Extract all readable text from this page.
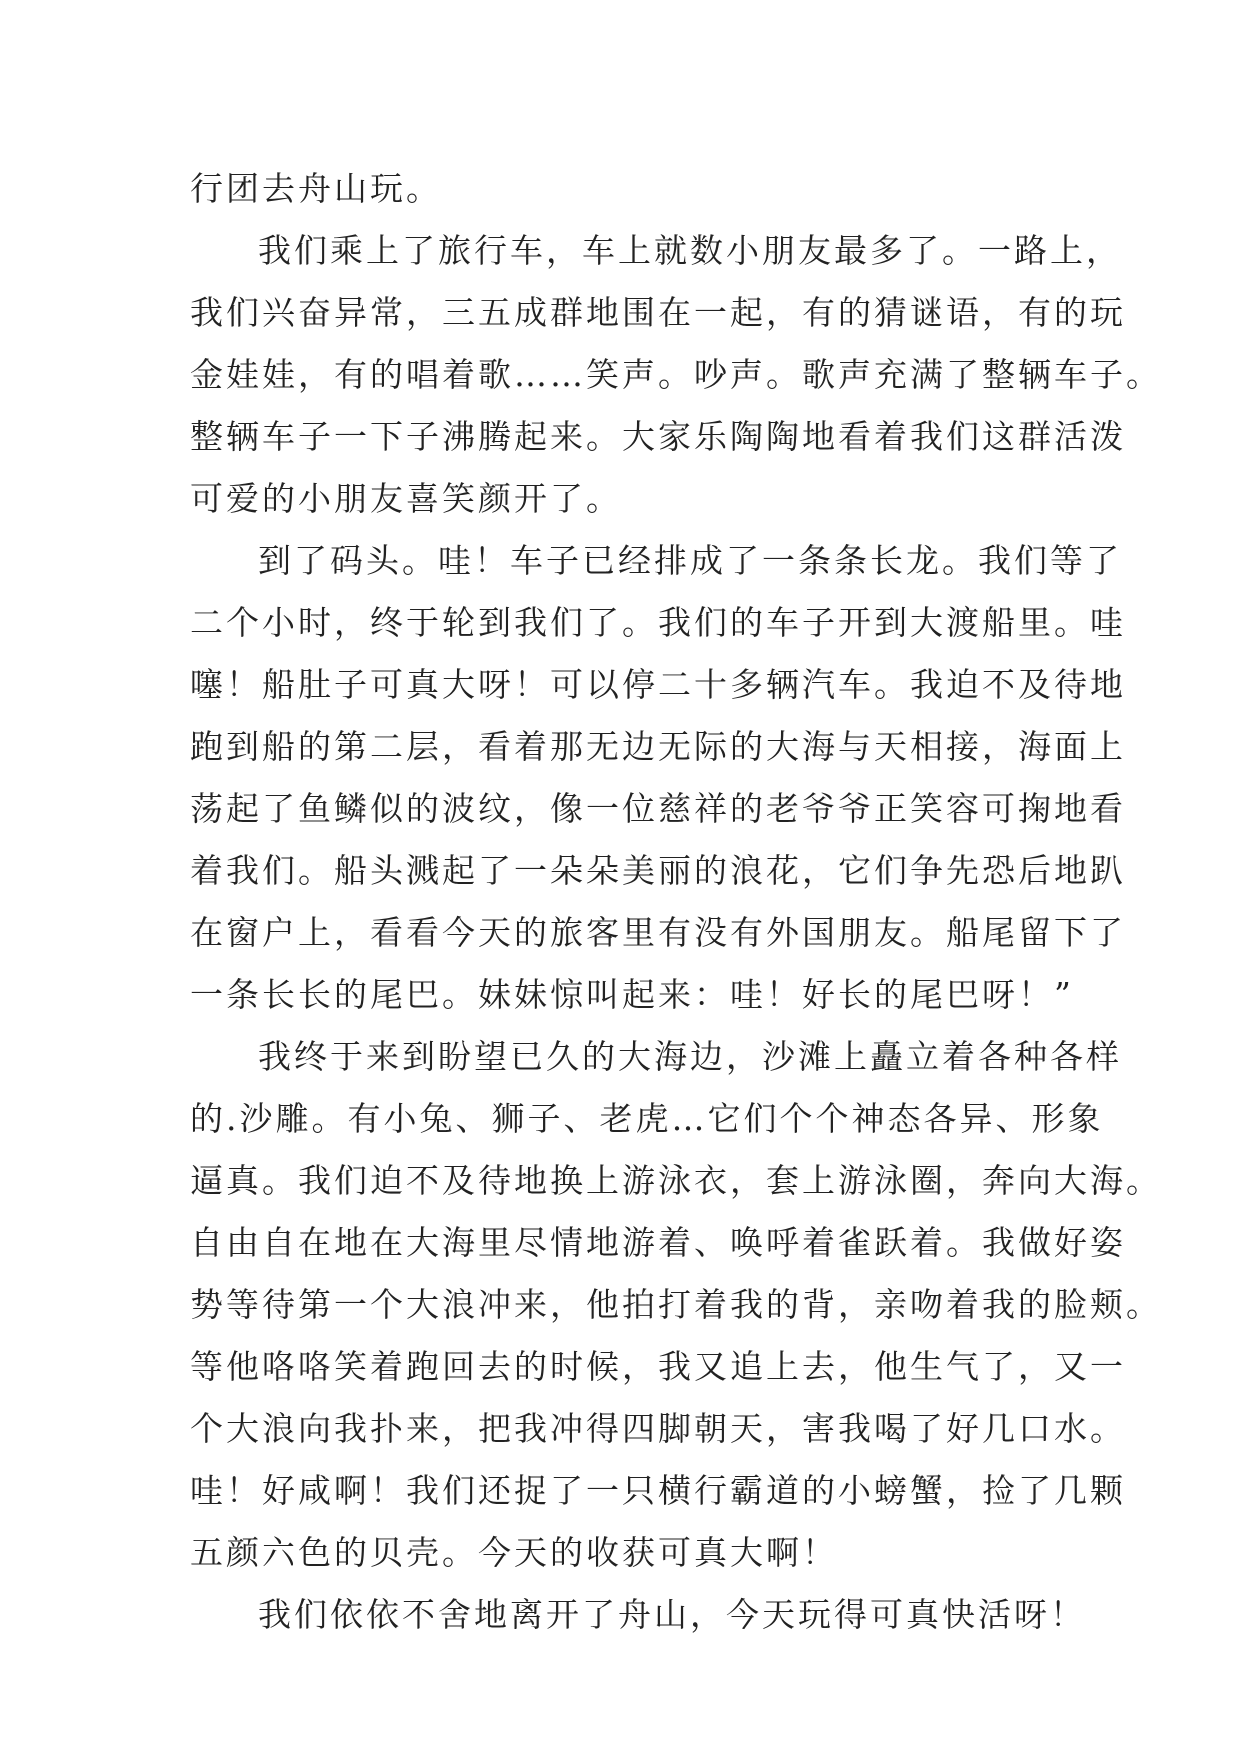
行团去舟山玩。
我们乘上了旅行车，车上就数小朋友最多了。一路上，
我们兴奋异常，三五成群地围在一起，有的猜谜语，有的玩
金娃娃，有的唱着歌……笑声。吵声。歌声充满了整辆车子。
整辆车子一下子沸腾起来。大家乐陶陶地看着我们这群活泼
可爱的小朋友喜笑颜开了。
到了码头。哇！车子已经排成了一条条长龙。我们等了
二个小时，终于轮到我们了。我们的车子开到大渡船里。哇
噻！船肚子可真大呀！可以停二十多辆汽车。我迫不及待地
跑到船的第二层，看着那无边无际的大海与天相接，海面上
荡起了鱼鳞似的波纹，像一位慈祥的老爷爷正笑容可掬地看
着我们。船头溅起了一朵朵美丽的浪花，它们争先恐后地趴
在窗户上，看看今天的旅客里有没有外国朋友。船尾留下了
一条长长的尾巴。妹妹惊叫起来：哇！好长的尾巴呀！”
我终于来到盼望已久的大海边，沙滩上矗立着各种各样
的.沙雕。有小兔、狮子、老虎…它们个个神态各异、形象
逼真。我们迫不及待地换上游泳衣，套上游泳圈，奔向大海。
自由自在地在大海里尽情地游着、唤呼着雀跃着。我做好姿
势等待第一个大浪冲来，他拍打着我的背，亲吻着我的脸颊。
等他咯咯笑着跑回去的时候，我又追上去，他生气了，又一
个大浪向我扑来，把我冲得四脚朝天，害我喝了好几口水。
哇！好咸啊！我们还捉了一只横行霸道的小螃蟹，捡了几颗
五颜六色的贝壳。今天的收获可真大啊！
我们依依不舍地离开了舟山，今天玩得可真快活呀！
